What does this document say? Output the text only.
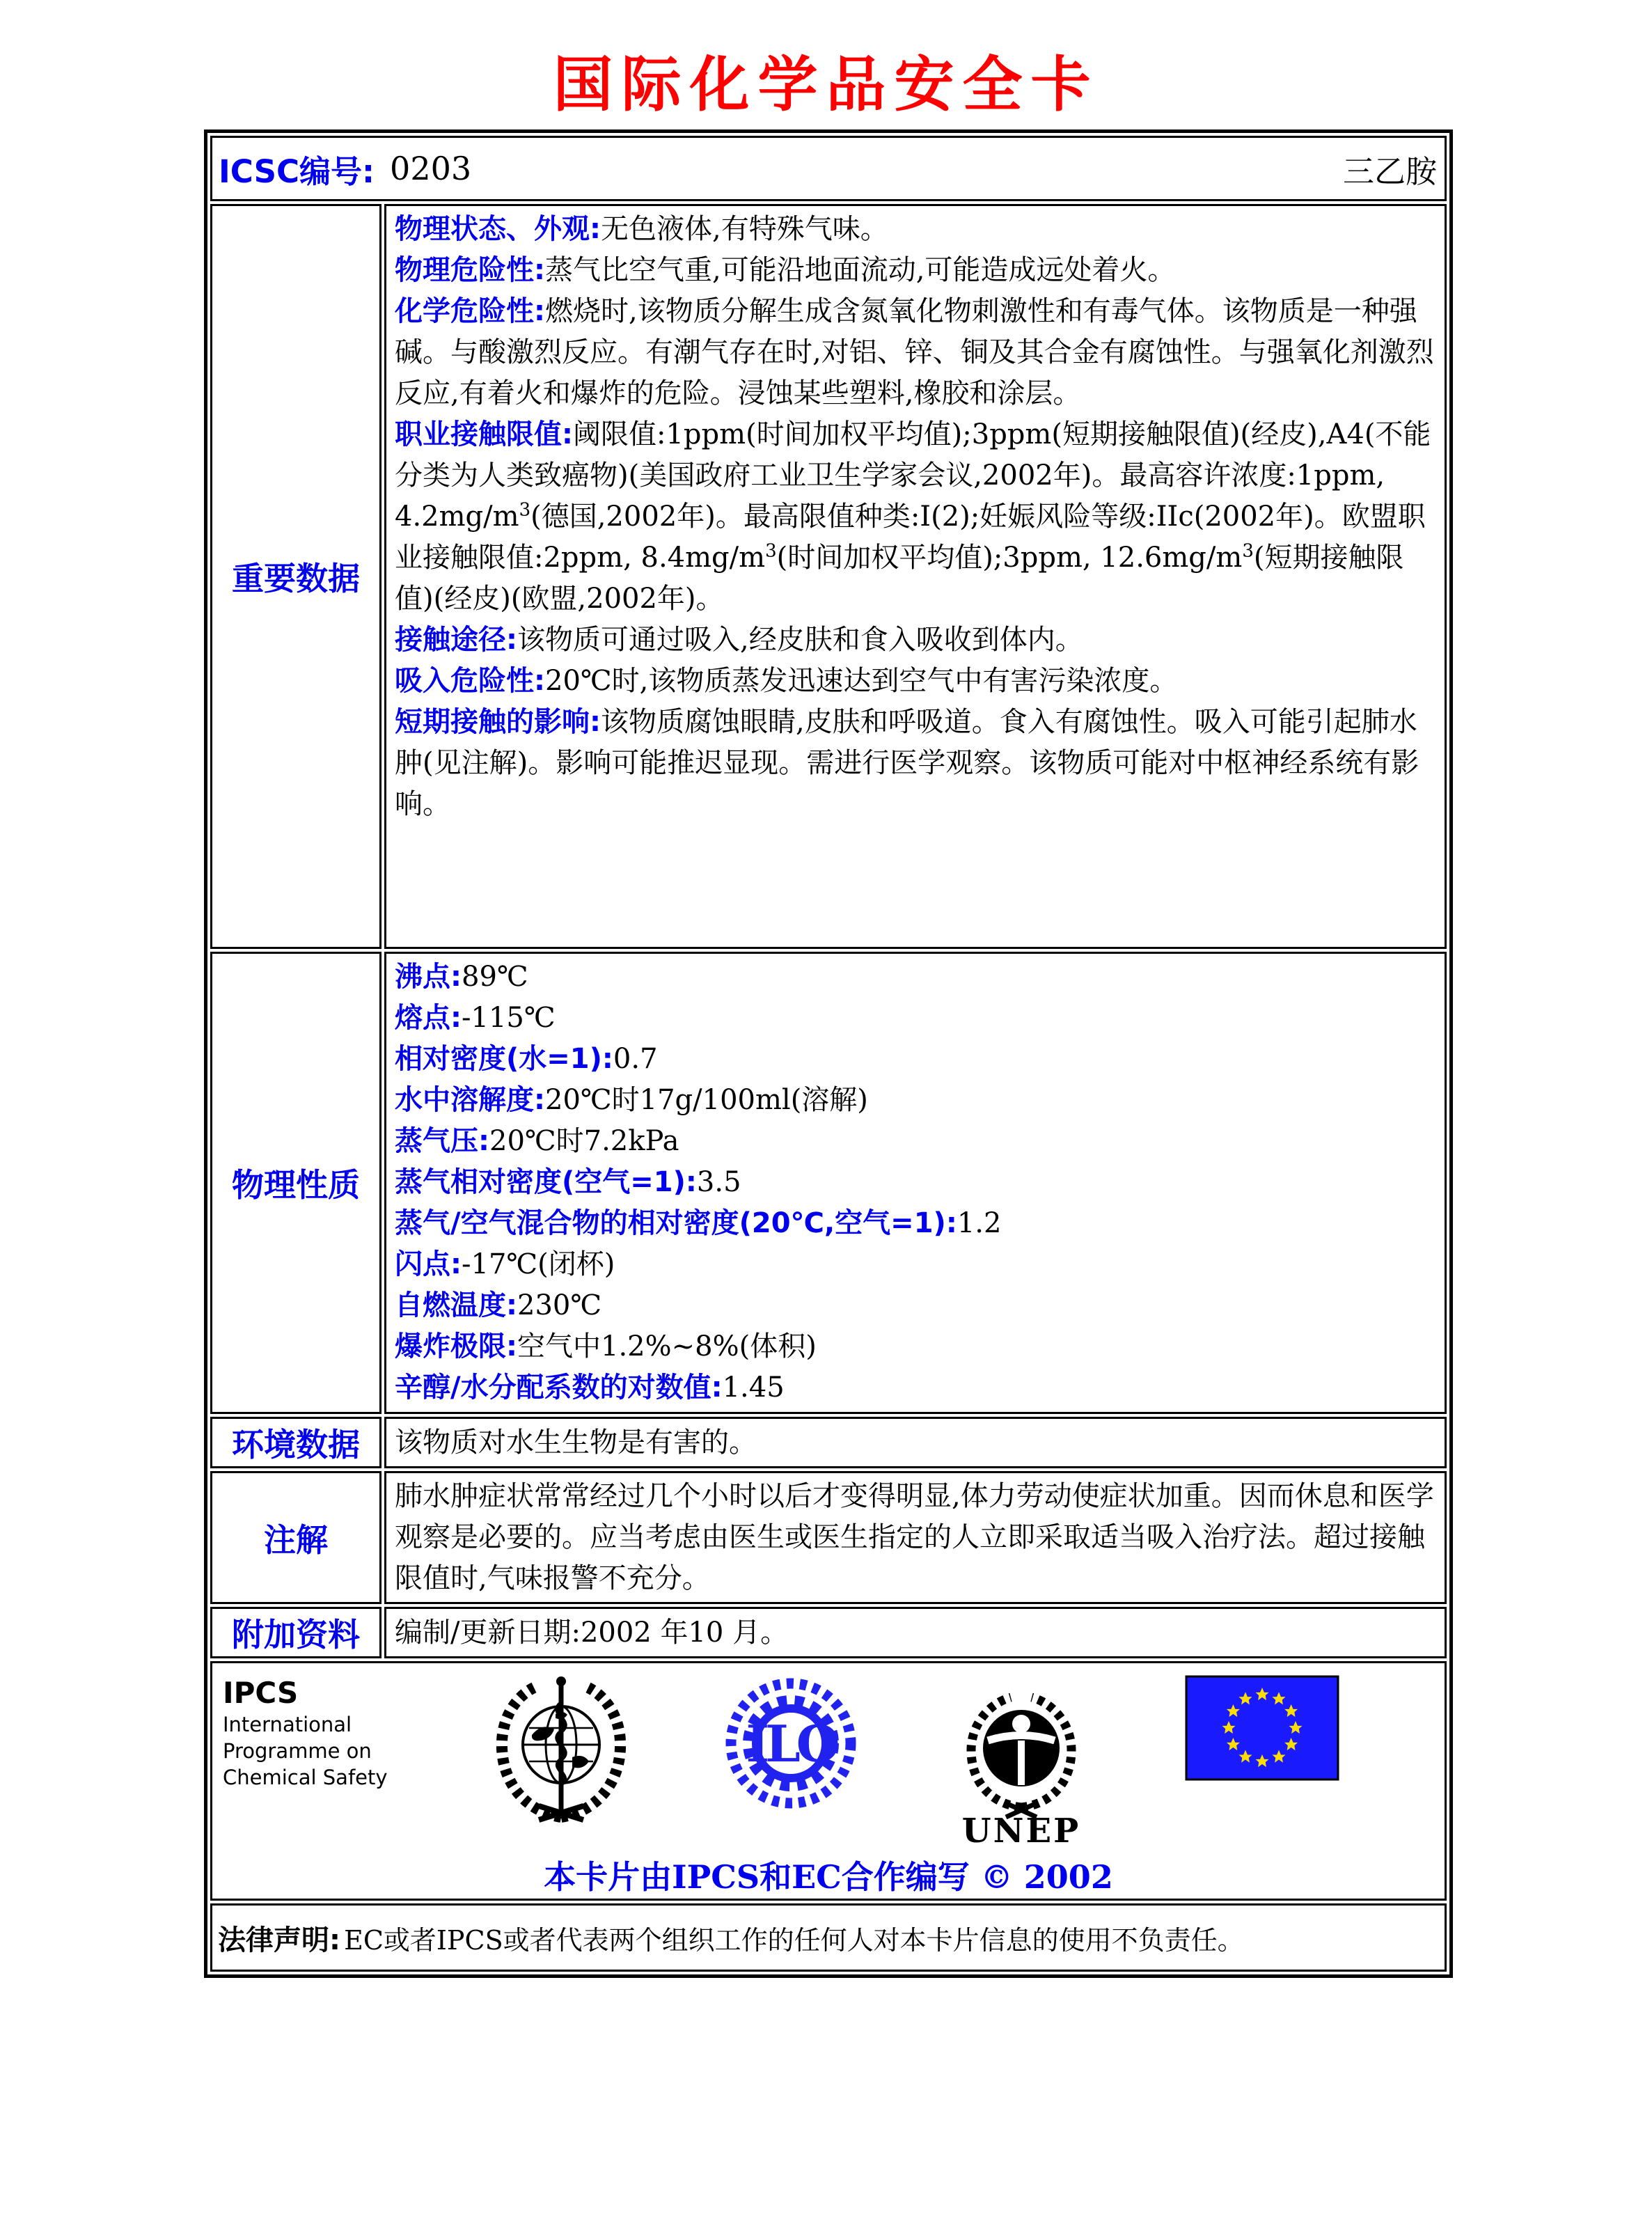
国际化学品安全卡
ICSC编号: 0203 三乙胺	

重要数据

物理状态、外观:无色液体,有特殊气味。
物理危险性:蒸气比空气重,可能沿地面流动,可能造成远处着火。
化学危险性:燃烧时,该物质分解生成含氮氧化物刺激性和有毒气体。该物质是一种强碱。与酸激烈反应。有潮气存在时,对铝、锌、铜及其合金有腐蚀性。与强氧化剂激烈反应,有着火和爆炸的危险。浸蚀某些塑料,橡胶和涂层。
职业接触限值:阈限值:1ppm(时间加权平均值);3ppm(短期接触限值)(经皮),A4(不能分类为人类致癌物)(美国政府工业卫生学家会议,2002年)。最高容许浓度:1ppm, $4.2mg/m^3$(德国,2002年)。最高限值种类:I(2);妊娠风险等级:IIc(2002年)。欧盟职业接触限值:2ppm, $8.4mg/m^3$(时间加权平均值);3ppm, $12.6mg/m^3$(短期接触限值)(经皮)(欧盟,2002年)。
接触途径:该物质可通过吸入,经皮肤和食入吸收到体内。
吸入危险性:20℃时,该物质蒸发迅速达到空气中有害污染浓度。
短期接触的影响:该物质腐蚀眼睛,皮肤和呼吸道。食入有腐蚀性。吸入可能引起肺水肿(见注解)。影响可能推迟显现。需进行医学观察。该物质可能对中枢神经系统有影响。

物理性质

沸点:89℃
熔点:-115℃
相对密度(水=1):0.7
水中溶解度:20℃时17g/100ml(溶解)
蒸气压:20℃时7.2kPa
蒸气相对密度(空气=1):3.5
蒸气/空气混合物的相对密度(20℃,空气=1):1.2
闪点:-17℃(闭杯)
自燃温度:230℃
爆炸极限:空气中1.2%~8%(体积)
辛醇/水分配系数的对数值:1.45

环境数据	该物质对水生生物是有害的。

注解	肺水肿症状常常经过几个小时以后才变得明显,体力劳动使症状加重。因而休息和医学观察是必要的。应当考虑由医生或医生指定的人立即采取适当吸入治疗法。超过接触限值时,气味报警不充分。

附加资料	编制/更新日期:2002 年10 月。

IPCS
International
Programme on
Chemical Safety
ILO
UNEP
本卡片由IPCS和EC合作编写 © 2002

法律声明: EC或者IPCS或者代表两个组织工作的任何人对本卡片信息的使用不负责任。	
